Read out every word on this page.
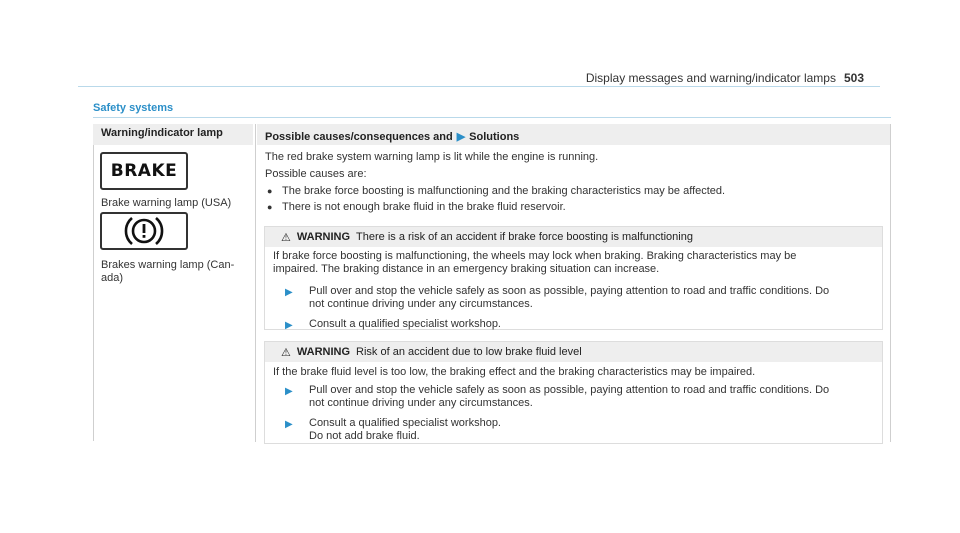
Display messages and warning/indicator lamps 503
Safety systems
Warning/indicator lamp	Possible causes/consequences and ▶ Solutions
BRAKE
Brake warning lamp (USA)
Brakes warning lamp (Can-
ada)
The red brake system warning lamp is lit while the engine is running.
Possible causes are:
● The brake force boosting is malfunctioning and the braking characteristics may be affected.
● There is not enough brake fluid in the brake fluid reservoir.
⚠ WARNING There is a risk of an accident if brake force boosting is malfunctioning
If brake force boosting is malfunctioning, the wheels may lock when braking. Braking characteristics may be
impaired. The braking distance in an emergency braking situation can increase.
▶ Pull over and stop the vehicle safely as soon as possible, paying attention to road and traffic conditions. Do
not continue driving under any circumstances.
▶ Consult a qualified specialist workshop.
⚠ WARNING Risk of an accident due to low brake fluid level
If the brake fluid level is too low, the braking effect and the braking characteristics may be impaired.
▶ Pull over and stop the vehicle safely as soon as possible, paying attention to road and traffic conditions. Do
not continue driving under any circumstances.
▶ Consult a qualified specialist workshop.
Do not add brake fluid.
